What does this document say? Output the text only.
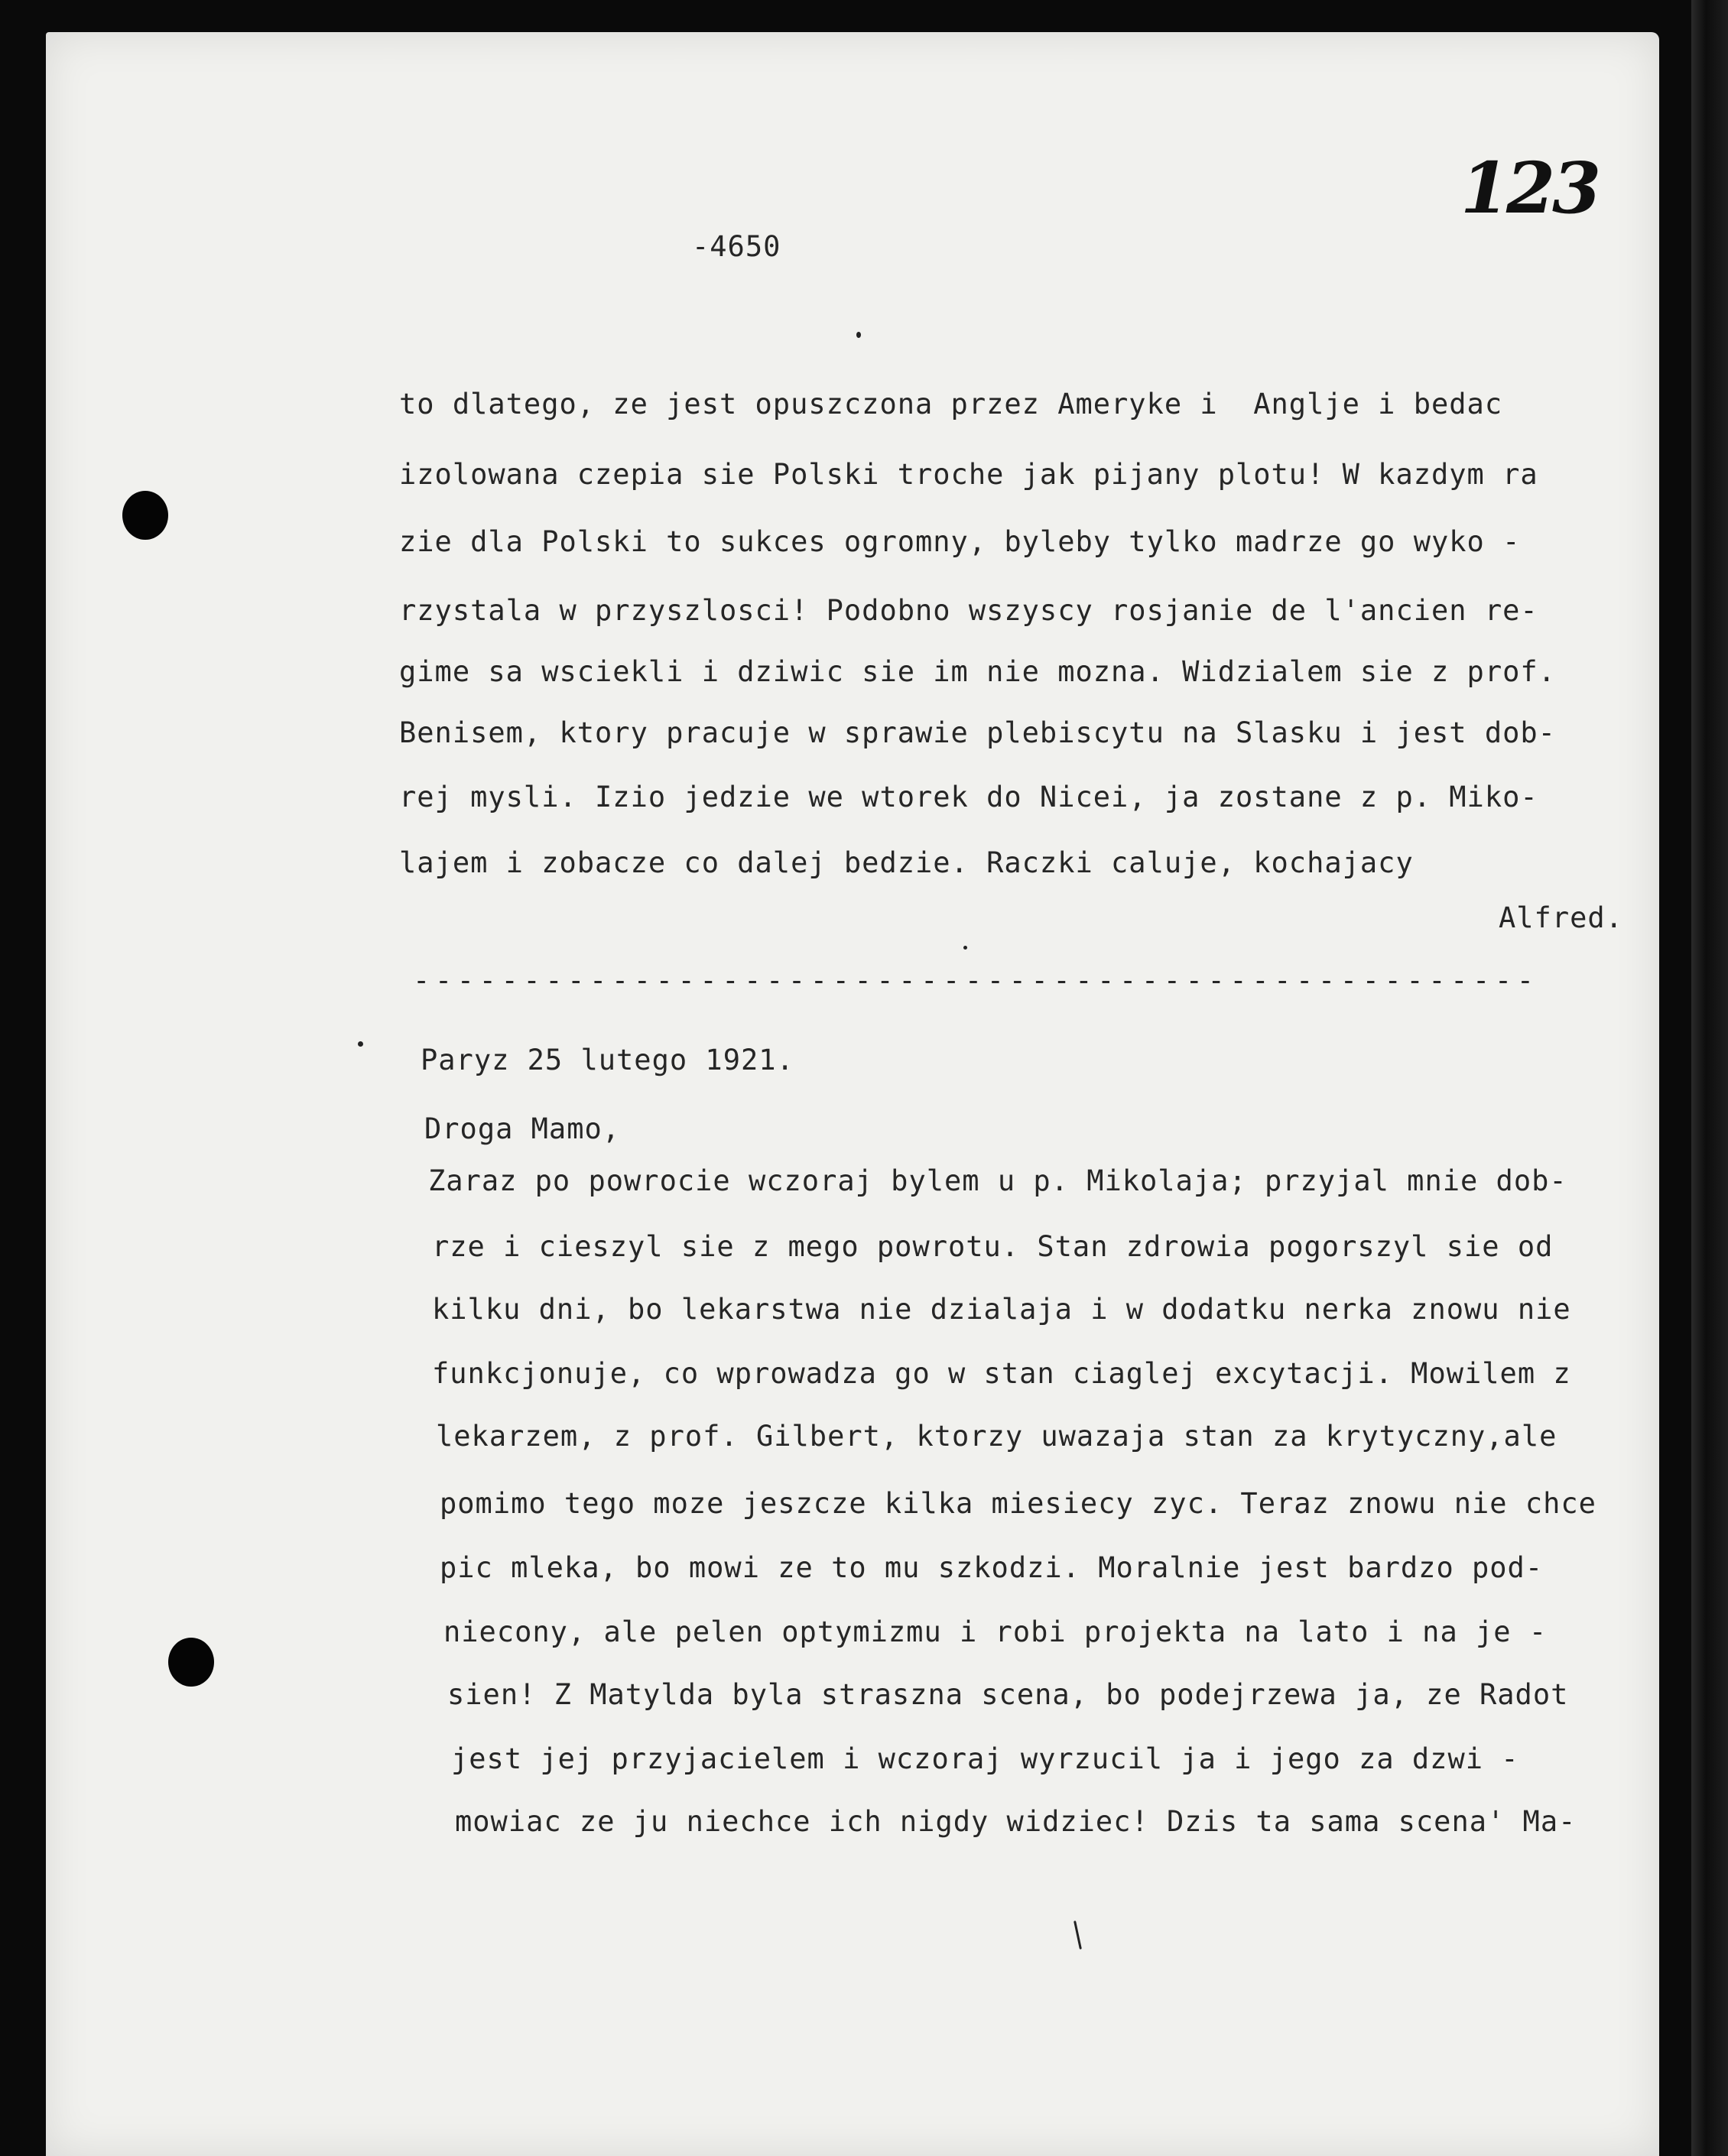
123
-4650
to dlatego, ze jest opuszczona przez Ameryke i  Anglje i bedac
izolowana czepia sie Polski troche jak pijany plotu! W kazdym ra
zie dla Polski to sukces ogromny, byleby tylko madrze go wyko -
rzystala w przyszlosci! Podobno wszyscy rosjanie de l'ancien re-
gime sa wsciekli i dziwic sie im nie mozna. Widzialem sie z prof.
Benisem, ktory pracuje w sprawie plebiscytu na Slasku i jest dob-
rej mysli. Izio jedzie we wtorek do Nicei, ja zostane z p. Miko-
lajem i zobacze co dalej bedzie. Raczki caluje, kochajacy
Alfred.
---------------------------------------------------
Paryz 25 lutego 1921.
Droga Mamo,
Zaraz po powrocie wczoraj bylem u p. Mikolaja; przyjal mnie dob-
rze i cieszyl sie z mego powrotu. Stan zdrowia pogorszyl sie od
kilku dni, bo lekarstwa nie dzialaja i w dodatku nerka znowu nie
funkcjonuje, co wprowadza go w stan ciaglej excytacji. Mowilem z
lekarzem, z prof. Gilbert, ktorzy uwazaja stan za krytyczny,ale
pomimo tego moze jeszcze kilka miesiecy zyc. Teraz znowu nie chce
pic mleka, bo mowi ze to mu szkodzi. Moralnie jest bardzo pod-
niecony, ale pelen optymizmu i robi projekta na lato i na je -
sien! Z Matylda byla straszna scena, bo podejrzewa ja, ze Radot
jest jej przyjacielem i wczoraj wyrzucil ja i jego za dzwi -
mowiac ze ju niechce ich nigdy widziec! Dzis ta sama scena' Ma-
